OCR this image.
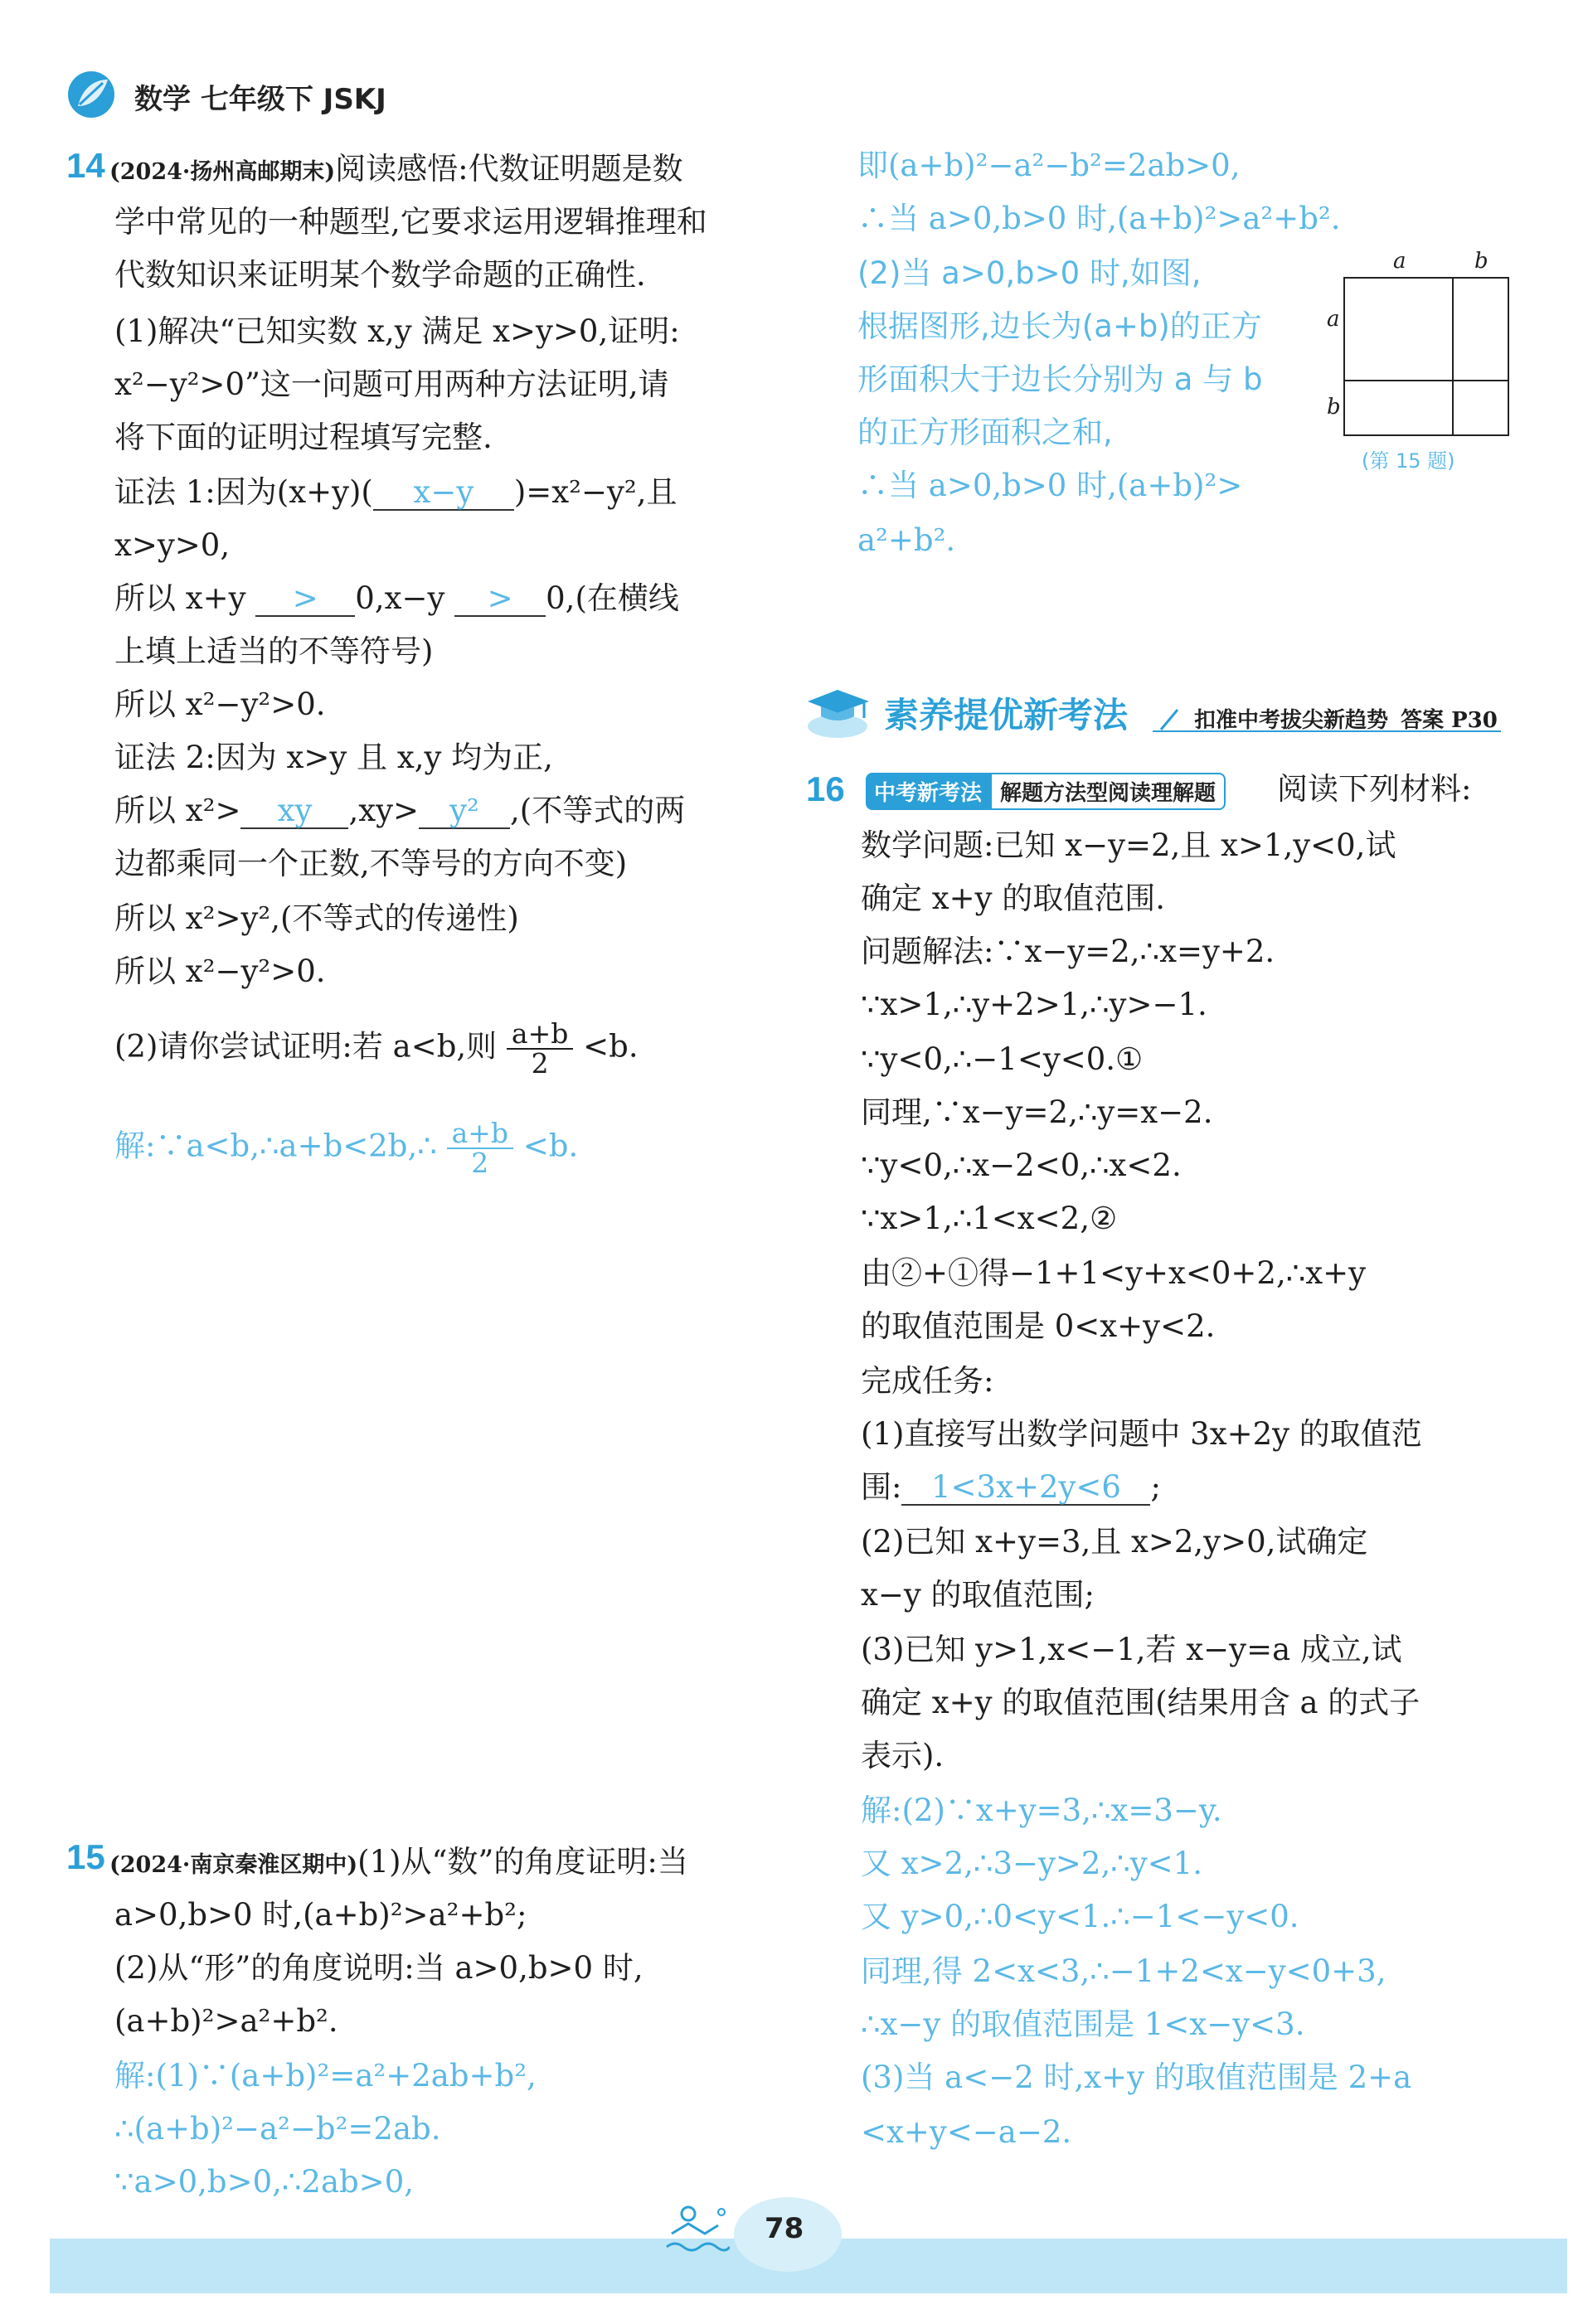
数学 七年级下 JSKJ
14 (2024·扬州高邮期末)阅读感悟:代数证明题是数
学中常见的一种题型,它要求运用逻辑推理和
代数知识来证明某个数学命题的正确性.
(1)解决“已知实数 x,y 满足 x>y>0,证明:
x²−y²>0”这一问题可用两种方法证明,请
将下面的证明过程填写完整.
证法 1:因为(x+y)( x−y )=x²−y²,且
x>y>0,
所以 x+y > 0,x−y > 0,(在横线
上填上适当的不等符号)
所以 x²−y²>0.
证法 2:因为 x>y 且 x,y 均为正,
所以 x²> xy ,xy> y² ,(不等式的两
边都乘同一个正数,不等号的方向不变)
所以 x²>y²,(不等式的传递性)
所以 x²−y²>0.
(2)请你尝试证明:若 a<b,则 $\frac{a+b}{2} <b$.
解:∵a<b,∴a+b<2b,∴ $\frac{a+b}{2} <b$.
15 (2024·南京秦淮区期中)(1)从“数”的角度证明:当
a>0,b>0 时,(a+b)²>a²+b²;
(2)从“形”的角度说明:当 a>0,b>0 时,
(a+b)²>a²+b².
解:(1)∵(a+b)²=a²+2ab+b²,
∴(a+b)²−a²−b²=2ab.
∵a>0,b>0,∴2ab>0,
即(a+b)²−a²−b²=2ab>0,
∴当 a>0,b>0 时,(a+b)²>a²+b².
(2)当 a>0,b>0 时,如图,
根据图形,边长为(a+b)的正方
形面积大于边长分别为 a 与 b
的正方形面积之和,
∴当 a>0,b>0 时,(a+b)²>
a²+b².
a	b
a
b
(第 15 题)
素养提优新考法	扣准中考拔尖新趋势 答案 P30
16	中考新考法 解题方法型阅读理解题	阅读下列材料:
数学问题:已知 x−y=2,且 x>1,y<0,试
确定 x+y 的取值范围.
问题解法:∵x−y=2,∴x=y+2.
∵x>1,∴y+2>1,∴y>−1.
∵y<0,∴−1<y<0.①
同理,∵x−y=2,∴y=x−2.
∵y<0,∴x−2<0,∴x<2.
∵x>1,∴1<x<2,②
由②+①得−1+1<y+x<0+2,∴x+y
的取值范围是 0<x+y<2.
完成任务:
(1)直接写出数学问题中 3x+2y 的取值范
围: 1<3x+2y<6 ;
(2)已知 x+y=3,且 x>2,y>0,试确定
x−y 的取值范围;
(3)已知 y>1,x<−1,若 x−y=a 成立,试
确定 x+y 的取值范围(结果用含 a 的式子
表示).
解:(2)∵x+y=3,∴x=3−y.
又 x>2,∴3−y>2,∴y<1.
又 y>0,∴0<y<1.∴−1<−y<0.
同理,得 2<x<3,∴−1+2<x−y<0+3,
∴x−y 的取值范围是 1<x−y<3.
(3)当 a<−2 时,x+y 的取值范围是 2+a
<x+y<−a−2.
78
